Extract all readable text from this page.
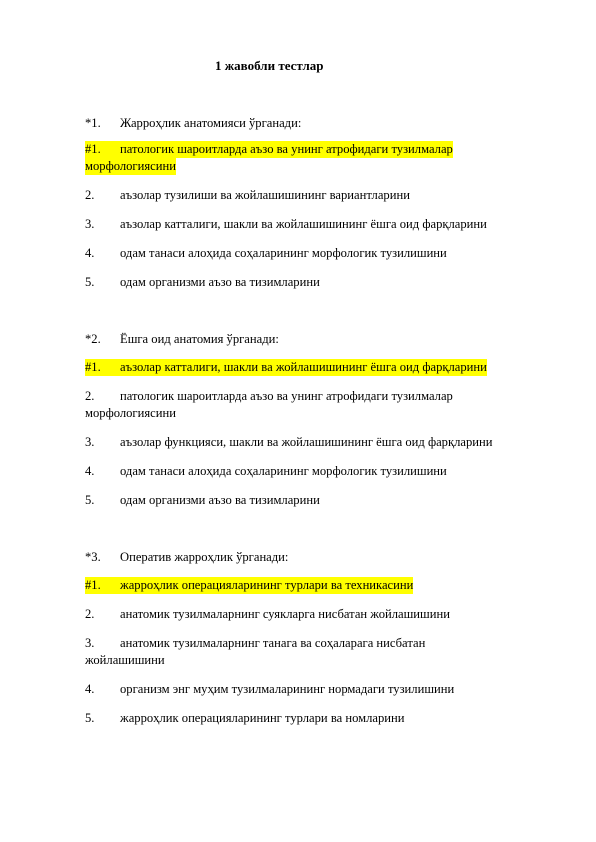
1 жавобли тестлар
*1. Жарроҳлик анатомияси ўрганади:
#1. патологик шароитларда аъзо ва унинг атрофидаги тузилмалар
морфологиясини
2. аъзолар тузилиши ва жойлашишининг вариантларини
3. аъзолар катталиги, шакли ва жойлашишининг ёшга оид фарқларини
4. одам танаси алоҳида соҳаларининг морфологик тузилишини
5. одам организми аъзо ва тизимларини
*2. Ёшга оид анатомия ўрганади:
#1. аъзолар катталиги, шакли ва жойлашишининг ёшга оид фарқларини
2. патологик шароитларда аъзо ва унинг атрофидаги тузилмалар
морфологиясини
3. аъзолар функцияси, шакли ва жойлашишининг ёшга оид фарқларини
4. одам танаси алоҳида соҳаларининг морфологик тузилишини
5. одам организми аъзо ва тизимларини
*3. Оператив жарроҳлик ўрганади:
#1. жарроҳлик операцияларининг турлари ва техникасини
2. анатомик тузилмаларнинг суякларга нисбатан жойлашишини
3. анатомик тузилмаларнинг танага ва соҳаларага нисбатан
жойлашишини
4. организм энг муҳим тузилмаларининг нормадаги тузилишини
5. жарроҳлик операцияларининг турлари ва номларини
